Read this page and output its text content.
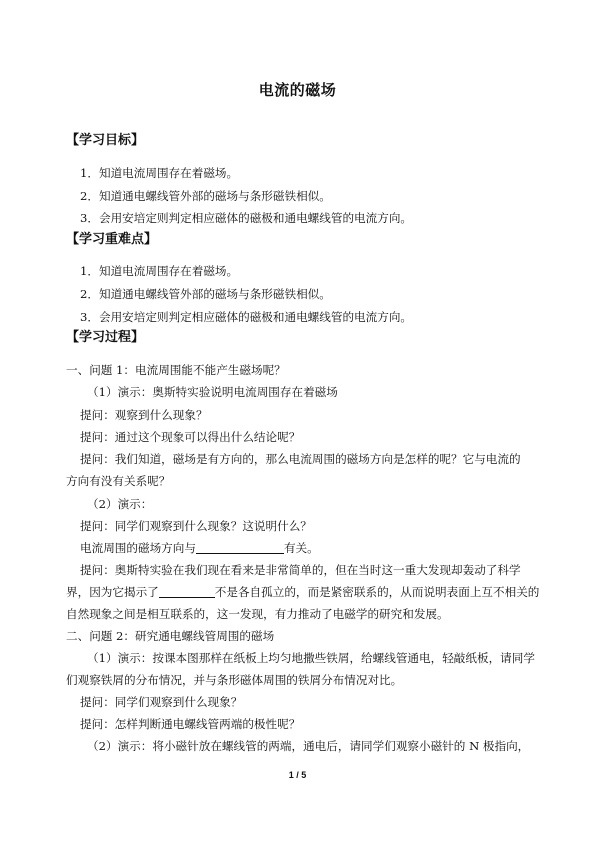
电流的磁场
【学习目标】
1．知道电流周围存在着磁场。
2．知道通电螺线管外部的磁场与条形磁铁相似。
3．会用安培定则判定相应磁体的磁极和通电螺线管的电流方向。
【学习重难点】
1．知道电流周围存在着磁场。
2．知道通电螺线管外部的磁场与条形磁铁相似。
3．会用安培定则判定相应磁体的磁极和通电螺线管的电流方向。
【学习过程】
一、问题 1：电流周围能不能产生磁场呢？
（1）演示：奥斯特实验说明电流周围存在着磁场
提问：观察到什么现象？
提问：通过这个现象可以得出什么结论呢？
提问：我们知道，磁场是有方向的，那么电流周围的磁场方向是怎样的呢？它与电流的
方向有没有关系呢？
（2）演示：
提问：同学们观察到什么现象？这说明什么？
电流周围的磁场方向与	有关。
提问：奥斯特实验在我们现在看来是非常简单的，但在当时这一重大发现却轰动了科学
界，因为它揭示了	不是各自孤立的，而是紧密联系的，从而说明表面上互不相关的
自然现象之间是相互联系的，这一发现，有力推动了电磁学的研究和发展。
二、问题 2：研究通电螺线管周围的磁场
（1）演示：按课本图那样在纸板上均匀地撒些铁屑，给螺线管通电，轻敲纸板，请同学
们观察铁屑的分布情况，并与条形磁体周围的铁屑分布情况对比。
提问：同学们观察到什么现象？
提问：怎样判断通电螺线管两端的极性呢？
（2）演示：将小磁针放在螺线管的两端，通电后，请同学们观察小磁针的 N 极指向，
1 / 5
